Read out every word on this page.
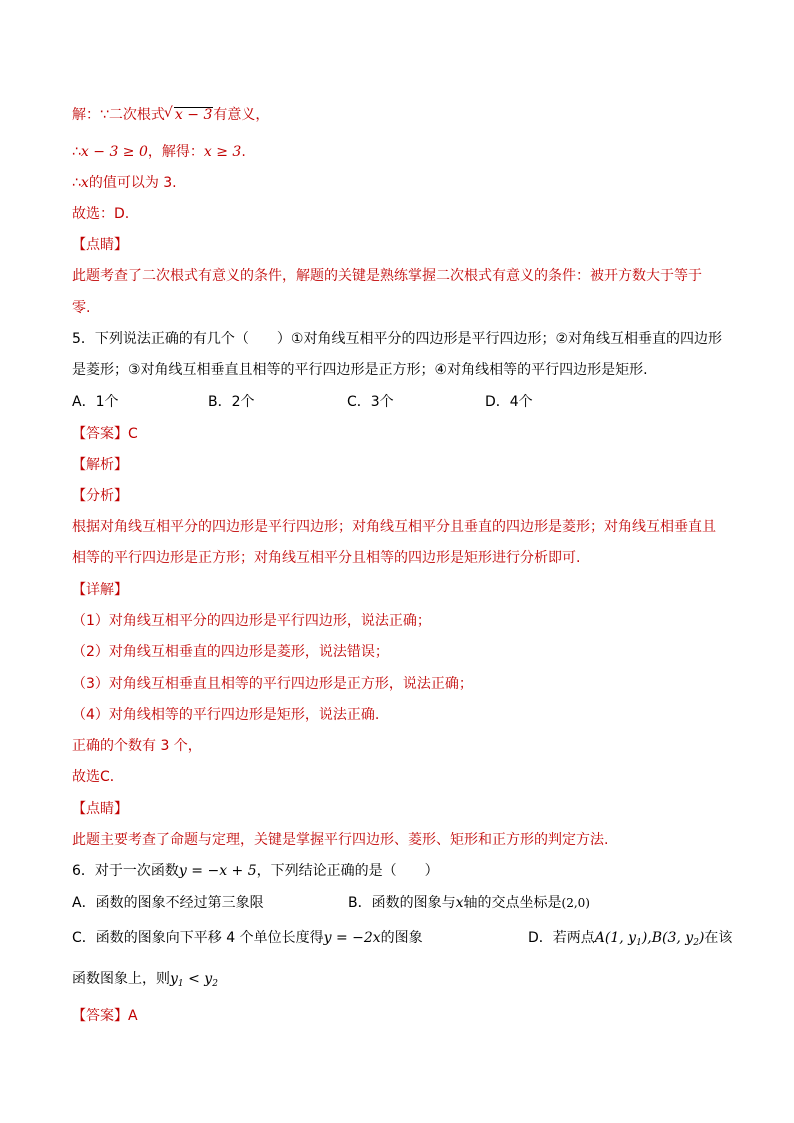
解：∵二次根式√ x − 3有意义，
∴x − 3 ≥ 0，解得：x ≥ 3.
∴x的值可以为 3.
故选：D.
【点睛】
此题考查了二次根式有意义的条件，解题的关键是熟练掌握二次根式有意义的条件：被开方数大于等于
零.
5．下列说法正确的有几个（　　）①对角线互相平分的四边形是平行四边形；②对角线互相垂直的四边形
是菱形；③对角线互相垂直且相等的平行四边形是正方形；④对角线相等的平行四边形是矩形.
A．1个	B．2个	C．3个	D．4个
【答案】C
【解析】
【分析】
根据对角线互相平分的四边形是平行四边形；对角线互相平分且垂直的四边形是菱形；对角线互相垂直且
相等的平行四边形是正方形；对角线互相平分且相等的四边形是矩形进行分析即可.
【详解】
（1）对角线互相平分的四边形是平行四边形，说法正确；
（2）对角线互相垂直的四边形是菱形，说法错误；
（3）对角线互相垂直且相等的平行四边形是正方形，说法正确；
（4）对角线相等的平行四边形是矩形，说法正确.
正确的个数有 3 个，
故选C．
【点睛】
此题主要考查了命题与定理，关键是掌握平行四边形、菱形、矩形和正方形的判定方法.
6．对于一次函数y = −x + 5，下列结论正确的是（　　）
A．函数的图象不经过第三象限	B．函数的图象与x轴的交点坐标是(2,0)
C．函数的图象向下平移 4 个单位长度得y = −2x的图象	D．若两点A(1, $y_1),B(3$, $y_2$)在该
函数图象上，则$y_1 < y_2$
【答案】A
